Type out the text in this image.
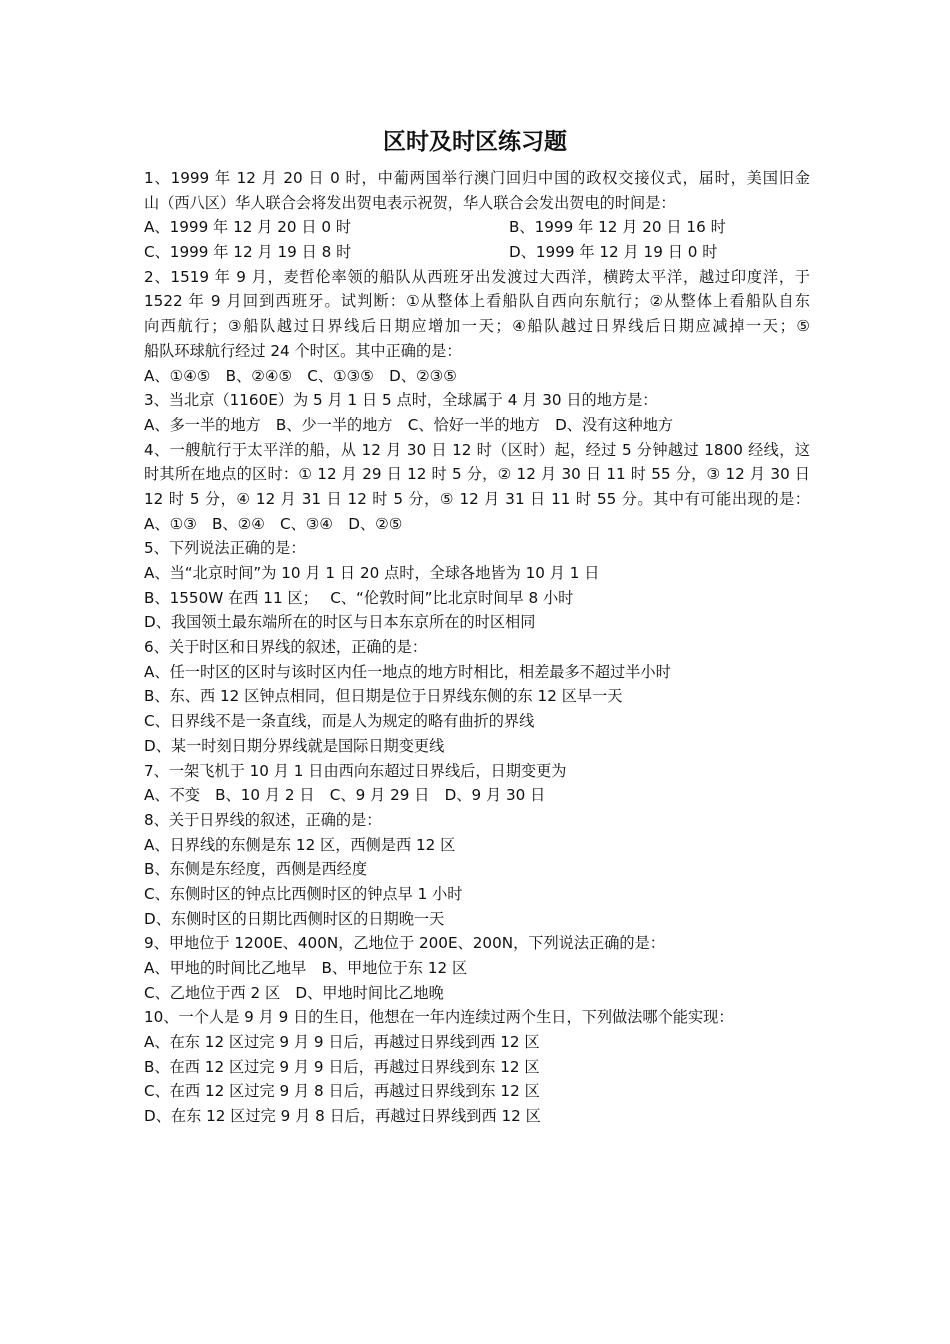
区时及时区练习题
1、1999 年 12 月 20 日 0 时，中葡两国举行澳门回归中国的政权交接仪式，届时，美国旧金
山（西八区）华人联合会将发出贺电表示祝贺，华人联合会发出贺电的时间是：
A、1999 年 12 月 20 日 0 时	B、1999 年 12 月 20 日 16 时
C、1999 年 12 月 19 日 8 时	D、1999 年 12 月 19 日 0 时
2、1519 年 9 月，麦哲伦率领的船队从西班牙出发渡过大西洋，横跨太平洋，越过印度洋，于
1522 年 9 月回到西班牙。试判断：①从整体上看船队自西向东航行；②从整体上看船队自东
向西航行；③船队越过日界线后日期应增加一天；④船队越过日界线后日期应减掉一天；⑤
船队环球航行经过 24 个时区。其中正确的是：
A、①④⑤　B、②④⑤　C、①③⑤　D、②③⑤
3、当北京（1160E）为 5 月 1 日 5 点时，全球属于 4 月 30 日的地方是：
A、多一半的地方　B、少一半的地方　C、恰好一半的地方　D、没有这种地方
4、一艘航行于太平洋的船，从 12 月 30 日 12 时（区时）起，经过 5 分钟越过 1800 经线，这
时其所在地点的区时：① 12 月 29 日 12 时 5 分，② 12 月 30 日 11 时 55 分，③ 12 月 30 日
12 时 5 分，④ 12 月 31 日 12 时 5 分，⑤ 12 月 31 日 11 时 55 分。其中有可能出现的是：
A、①③　B、②④　C、③④　D、②⑤
5、下列说法正确的是：
A、当“北京时间”为 10 月 1 日 20 点时，全球各地皆为 10 月 1 日
B、1550W 在西 11 区；　 C、“伦敦时间”比北京时间早 8 小时
D、我国领土最东端所在的时区与日本东京所在的时区相同
6、关于时区和日界线的叙述，正确的是：
A、任一时区的区时与该时区内任一地点的地方时相比，相差最多不超过半小时
B、东、西 12 区钟点相同，但日期是位于日界线东侧的东 12 区早一天
C、日界线不是一条直线，而是人为规定的略有曲折的界线
D、某一时刻日期分界线就是国际日期变更线
7、一架飞机于 10 月 1 日由西向东超过日界线后，日期变更为
A、不变　B、10 月 2 日　C、9 月 29 日　D、9 月 30 日
8、关于日界线的叙述，正确的是：
A、日界线的东侧是东 12 区，西侧是西 12 区
B、东侧是东经度，西侧是西经度
C、东侧时区的钟点比西侧时区的钟点早 1 小时
D、东侧时区的日期比西侧时区的日期晚一天
9、甲地位于 1200E、400N，乙地位于 200E、200N，下列说法正确的是：
A、甲地的时间比乙地早　B、甲地位于东 12 区
C、乙地位于西 2 区　D、甲地时间比乙地晚
10、一个人是 9 月 9 日的生日，他想在一年内连续过两个生日，下列做法哪个能实现：
A、在东 12 区过完 9 月 9 日后，再越过日界线到西 12 区
B、在西 12 区过完 9 月 9 日后，再越过日界线到东 12 区
C、在西 12 区过完 9 月 8 日后，再越过日界线到东 12 区
D、在东 12 区过完 9 月 8 日后，再越过日界线到西 12 区
